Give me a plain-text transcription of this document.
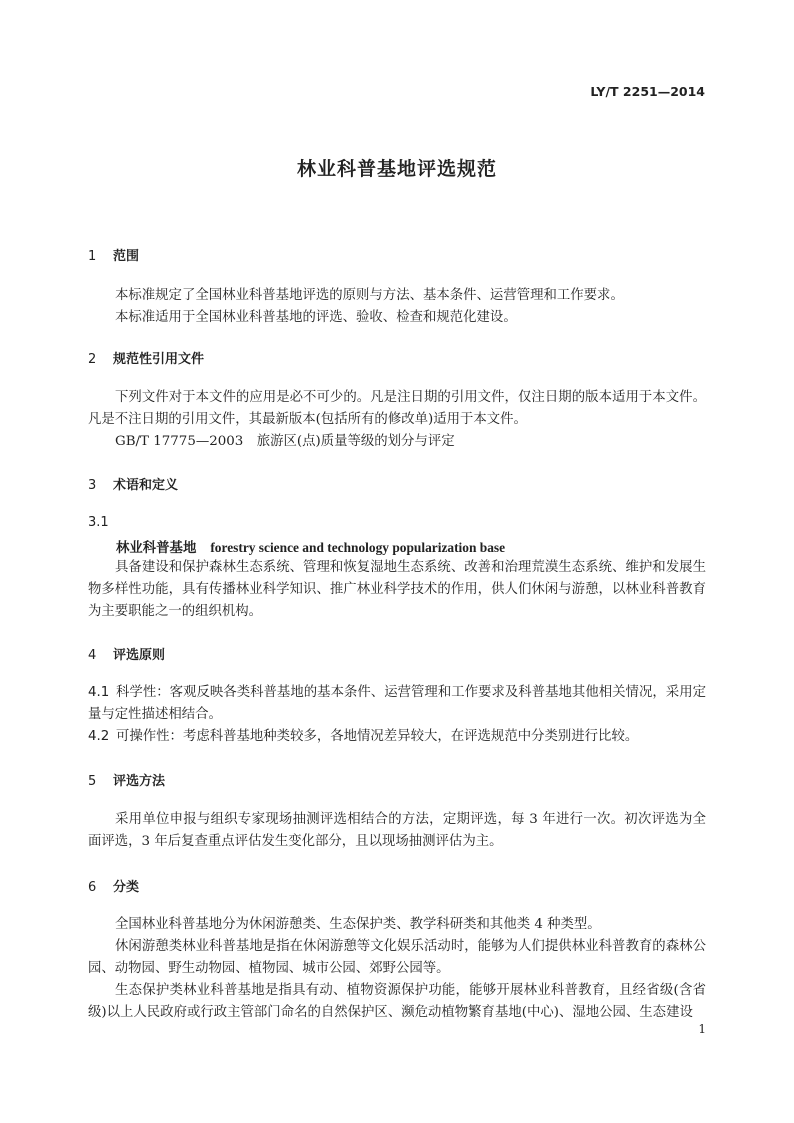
LY/T 2251—2014
林业科普基地评选规范
1 范围
本标准规定了全国林业科普基地评选的原则与方法、基本条件、运营管理和工作要求。
本标准适用于全国林业科普基地的评选、验收、检查和规范化建设。
2 规范性引用文件
下列文件对于本文件的应用是必不可少的。凡是注日期的引用文件，仅注日期的版本适用于本文件。凡是不注日期的引用文件，其最新版本(包括所有的修改单)适用于本文件。
GB/T 17775—2003　旅游区(点)质量等级的划分与评定
3 术语和定义
3.1
林业科普基地 forestry science and technology popularization base
具备建设和保护森林生态系统、管理和恢复湿地生态系统、改善和治理荒漠生态系统、维护和发展生物多样性功能，具有传播林业科学知识、推广林业科学技术的作用，供人们休闲与游憩，以林业科普教育为主要职能之一的组织机构。
4 评选原则
4.1 科学性：客观反映各类科普基地的基本条件、运营管理和工作要求及科普基地其他相关情况，采用定量与定性描述相结合。
4.2 可操作性：考虑科普基地种类较多，各地情况差异较大，在评选规范中分类别进行比较。
5 评选方法
采用单位申报与组织专家现场抽测评选相结合的方法，定期评选，每 3 年进行一次。初次评选为全面评选，3 年后复查重点评估发生变化部分，且以现场抽测评估为主。
6 分类
全国林业科普基地分为休闲游憩类、生态保护类、教学科研类和其他类 4 种类型。
休闲游憩类林业科普基地是指在休闲游憩等文化娱乐活动时，能够为人们提供林业科普教育的森林公园、动物园、野生动物园、植物园、城市公园、郊野公园等。
生态保护类林业科普基地是指具有动、植物资源保护功能，能够开展林业科普教育，且经省级(含省级)以上人民政府或行政主管部门命名的自然保护区、濒危动植物繁育基地(中心)、湿地公园、生态建设
1
